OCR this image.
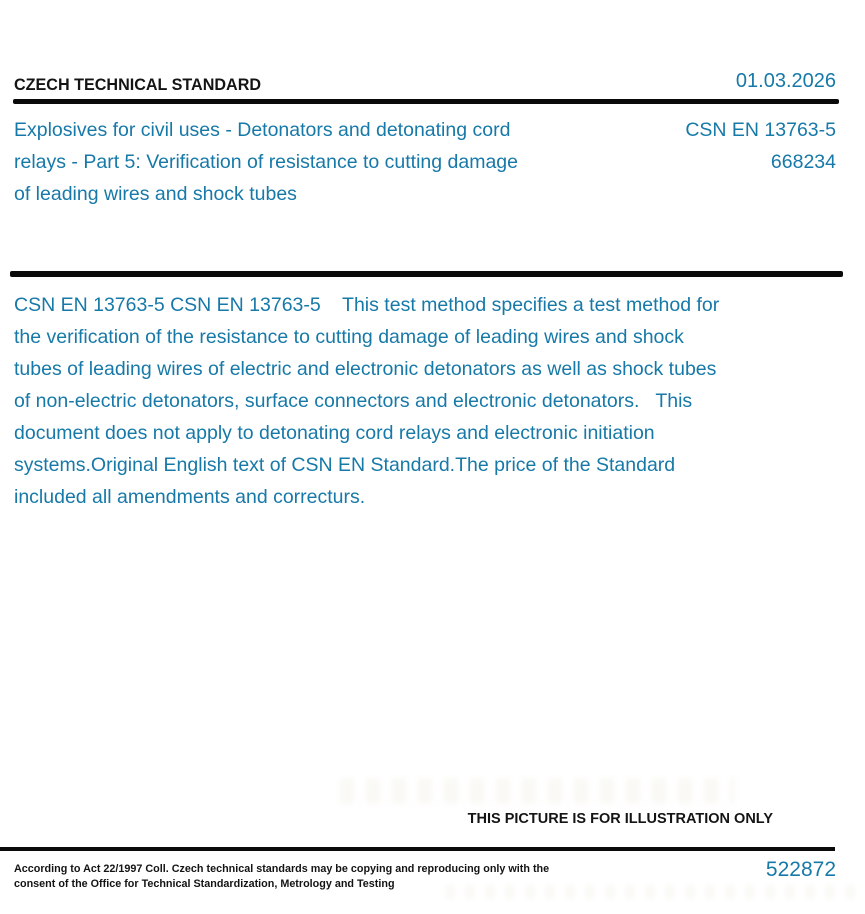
CZECH TECHNICAL STANDARD	01.03.2026
Explosives for civil uses - Detonators and detonating cord relays - Part 5: Verification of resistance to cutting damage of leading wires and shock tubes
CSN EN 13763-5
668234
CSN EN 13763-5 CSN EN 13763-5    This test method specifies a test method for the verification of the resistance to cutting damage of leading wires and shock tubes of leading wires of electric and electronic detonators as well as shock tubes of non-electric detonators, surface connectors and electronic detonators.   This document does not apply to detonating cord relays and electronic initiation systems.Original English text of CSN EN Standard.The price of the Standard included all amendments and correcturs.
THIS PICTURE IS FOR ILLUSTRATION ONLY
According to Act 22/1997 Coll. Czech technical standards may be copying and reproducing only with the consent of the Office for Technical Standardization, Metrology and Testing
522872
